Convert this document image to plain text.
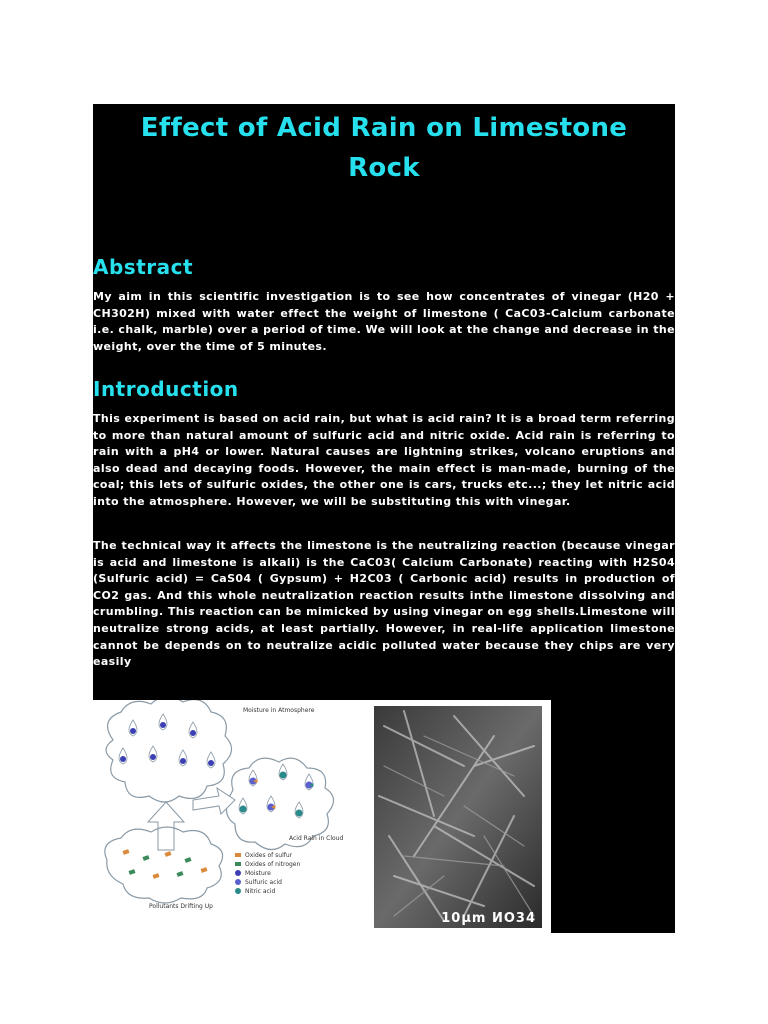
Effect of Acid Rain on Limestone Rock
Abstract

My aim in this scientific investigation is to see how concentrates of vinegar (H20 + CH302H) mixed with water effect the weight of limestone ( CaC03-Calcium carbonate i.e. chalk, marble) over a period of time. We will look at the change and decrease in the weight, over the time of 5 minutes.

Introduction

This experiment is based on acid rain, but what is acid rain? It is a broad term referring to more than natural amount of sulfuric acid and nitric oxide. Acid rain is referring to rain with a pH4 or lower. Natural causes are lightning strikes, volcano eruptions and also dead and decaying foods. However, the main effect is man-made, burning of the coal; this lets of sulfuric oxides, the other one is cars, trucks etc...; they let nitric acid into the atmosphere. However, we will be substituting this with vinegar.

The technical way it affects the limestone is the neutralizing reaction (because vinegar is acid and limestone is alkali) is the CaC03( Calcium Carbonate) reacting with H2S04 (Sulfuric acid) = CaS04 ( Gypsum) + H2C03 ( Carbonic acid) results in production of CO2 gas. And this whole neutralization reaction results inthe limestone dissolving and crumbling. This reaction can be mimicked by using vinegar on egg shells.Limestone will neutralize strong acids, at least partially. However, in real-life application limestone cannot be depends on to neutralize acidic polluted water because they chips are very easily

Moisture in Atmosphere
Acid Rain in Cloud
Pollutants Drifting Up
Oxides of sulfur
Oxides of nitrogen
Moisture
Sulfuric acid
Nitric acid
10μm ИО34
